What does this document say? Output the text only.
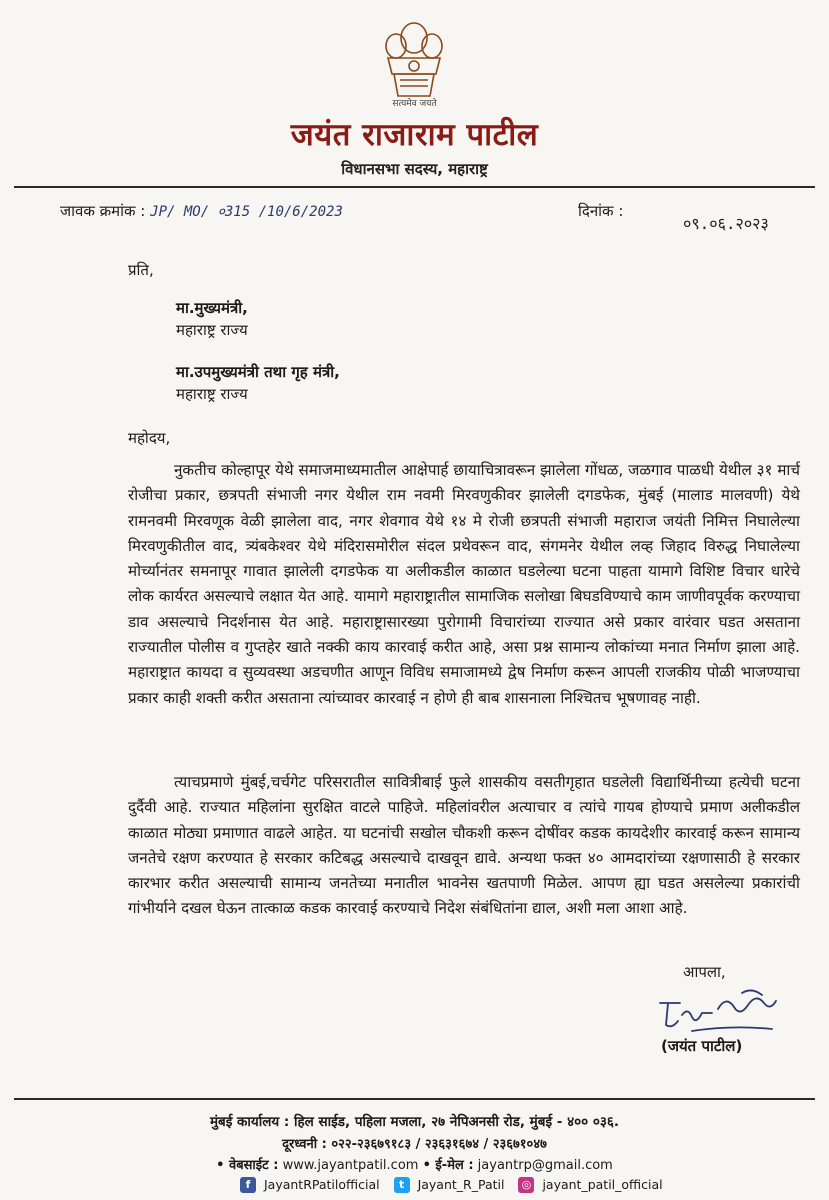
सत्यमेव जयते
जयंत राजाराम पाटील
विधानसभा सदस्य, महाराष्ट्र
जावक क्रमांक : JP/ MO/ ०315 /10/6/2023	दिनांक :
०९.०६.२०२३
प्रति,
मा.मुख्यमंत्री,
महाराष्ट्र राज्य
मा.उपमुख्यमंत्री तथा गृह मंत्री,
महाराष्ट्र राज्य
महोदय,

नुकतीच कोल्हापूर येथे समाजमाध्यमातील आक्षेपार्ह छायाचित्रावरून झालेला गोंधळ, जळगाव पाळधी येथील ३१ मार्च रोजीचा प्रकार, छत्रपती संभाजी नगर येथील राम नवमी मिरवणुकीवर झालेली दगडफेक, मुंबई (मालाड मालवणी) येथे रामनवमी मिरवणूक वेळी झालेला वाद, नगर शेवगाव येथे १४ मे रोजी छत्रपती संभाजी महाराज जयंती निमित्त निघालेल्या मिरवणुकीतील वाद, त्र्यंबकेश्वर येथे मंदिरासमोरील संदल प्रथेवरून वाद, संगमनेर येथील लव्ह जिहाद विरुद्ध निघालेल्या मोर्च्यानंतर समनापूर गावात झालेली दगडफेक या अलीकडील काळात घडलेल्या घटना पाहता यामागे विशिष्ट विचार धारेचे लोक कार्यरत असल्याचे लक्षात येत आहे. यामागे महाराष्ट्रातील सामाजिक सलोखा बिघडविण्याचे काम जाणीवपूर्वक करण्याचा डाव असल्याचे निदर्शनास येत आहे. महाराष्ट्रासारख्या पुरोगामी विचारांच्या राज्यात असे प्रकार वारंवार घडत असताना राज्यातील पोलीस व गुप्तहेर खाते नक्की काय कारवाई करीत आहे, असा प्रश्न सामान्य लोकांच्या मनात निर्माण झाला आहे. महाराष्ट्रात कायदा व सुव्यवस्था अडचणीत आणून विविध समाजामध्ये द्वेष निर्माण करून आपली राजकीय पोळी भाजण्याचा प्रकार काही शक्ती करीत असताना त्यांच्यावर कारवाई न होणे ही बाब शासनाला निश्चितच भूषणावह नाही.

त्याचप्रमाणे मुंबई,चर्चगेट परिसरातील सावित्रीबाई फुले शासकीय वसतीगृहात घडलेली विद्यार्थिनीच्या हत्येची घटना दुर्दैवी आहे. राज्यात महिलांना सुरक्षित वाटले पाहिजे. महिलांवरील अत्याचार व त्यांचे गायब होण्याचे प्रमाण अलीकडील काळात मोठ्या प्रमाणात वाढले आहेत. या घटनांची सखोल चौकशी करून दोषींवर कडक कायदेशीर कारवाई करून सामान्य जनतेचे रक्षण करण्यात हे सरकार कटिबद्ध असल्याचे दाखवून द्यावे. अन्यथा फक्त ४० आमदारांच्या रक्षणासाठी हे सरकार कारभार करीत असल्याची सामान्य जनतेच्या मनातील भावनेस खतपाणी मिळेल. आपण ह्या घडत असलेल्या प्रकारांची गांभीर्याने दखल घेऊन तात्काळ कडक कारवाई करण्याचे निदेश संबंधितांना द्याल, अशी मला आशा आहे.

आपला,
(जयंत पाटील)
मुंबई कार्यालय : हिल साईड, पहिला मजला, २७ नेपिअनसी रोड, मुंबई - ४०० ०३६.
दूरध्वनी : ०२२-२३६७९१८३ / २३६३१६७४ / २३६७१०४७
• वेबसाईट : www.jayantpatil.com • ई-मेल : jayantrp@gmail.com
f JayantRPatilofficial t Jayant_R_Patil ◎ jayant_patil_official
